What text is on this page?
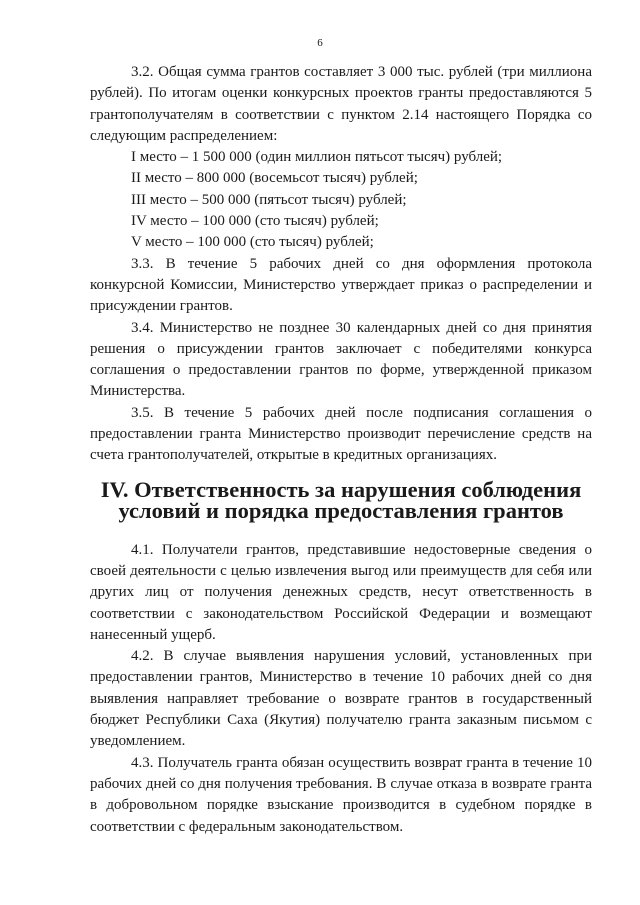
6

3.2. Общая сумма грантов составляет 3 000 тыс. рублей (три миллиона рублей). По итогам оценки конкурсных проектов гранты предоставляются 5 грантополучателям в соответствии с пунктом 2.14 настоящего Порядка со следующим распределением:

I место – 1 500 000 (один миллион пятьсот тысяч) рублей;
II место – 800 000 (восемьсот тысяч) рублей;
III место – 500 000 (пятьсот тысяч) рублей;
IV место – 100 000 (сто тысяч) рублей;
V место – 100 000 (сто тысяч) рублей;

3.3. В течение 5 рабочих дней со дня оформления протокола конкурсной Комиссии, Министерство утверждает приказ о распределении и присуждении грантов.

3.4. Министерство не позднее 30 календарных дней со дня принятия решения о присуждении грантов заключает с победителями конкурса соглашения о предоставлении грантов по форме, утвержденной приказом Министерства.

3.5. В течение 5 рабочих дней после подписания соглашения о предоставлении гранта Министерство производит перечисление средств на счета грантополучателей, открытые в кредитных организациях.

IV. Ответственность за нарушения соблюдения
условий и порядка предоставления грантов

4.1. Получатели грантов, представившие недостоверные сведения о своей деятельности с целью извлечения выгод или преимуществ для себя или других лиц от получения денежных средств, несут ответственность в соответствии с законодательством Российской Федерации и возмещают нанесенный ущерб.

4.2. В случае выявления нарушения условий, установленных при предоставлении грантов, Министерство в течение 10 рабочих дней со дня выявления направляет требование о возврате грантов в государственный бюджет Республики Саха (Якутия) получателю гранта заказным письмом с уведомлением.

4.3. Получатель гранта обязан осуществить возврат гранта в течение 10 рабочих дней со дня получения требования. В случае отказа в возврате гранта в добровольном порядке взыскание производится в судебном порядке в соответствии с федеральным законодательством.
